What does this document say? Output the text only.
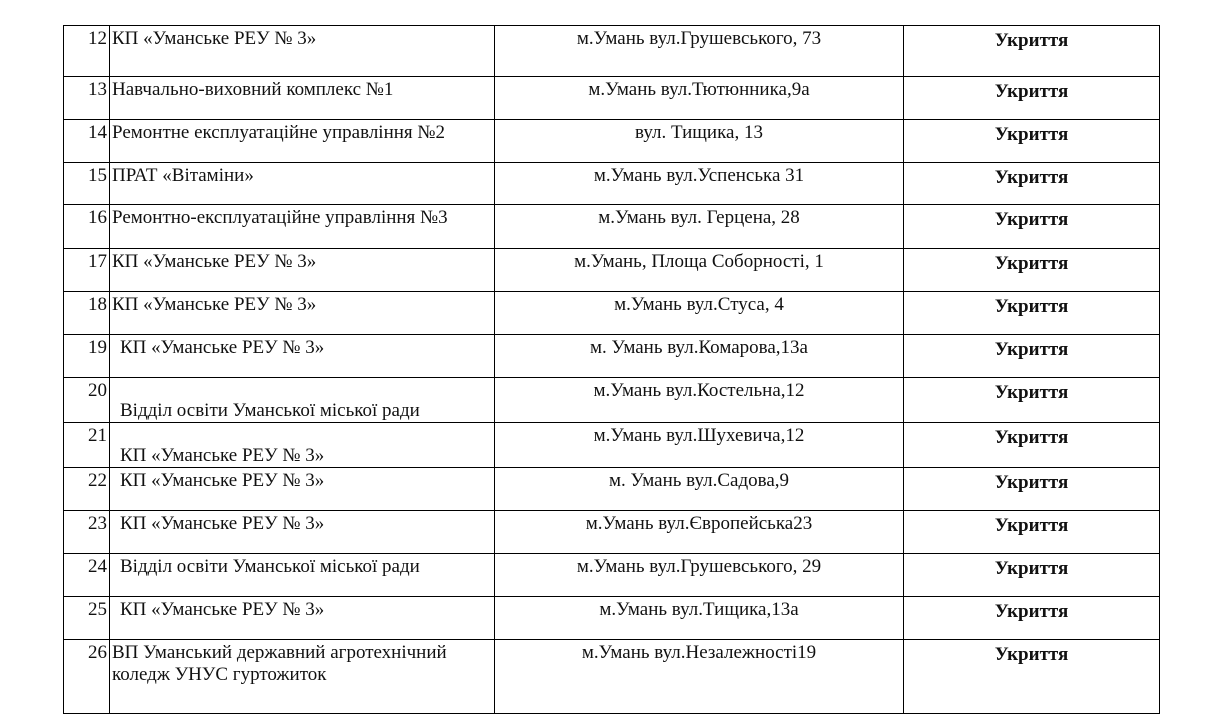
12	КП «Уманське РЕУ № 3»	м.Умань вул.Грушевського, 73	Укриття
13	Навчально-виховний комплекс №1	м.Умань вул.Тютюнника,9а	Укриття
14	Ремонтне експлуатаційне управління №2	вул. Тищика, 13	Укриття
15	ПРАТ «Вітаміни»	м.Умань вул.Успенська 31	Укриття
16	Ремонтно-експлуатаційне управління №3	м.Умань вул. Герцена, 28	Укриття
17	КП «Уманське РЕУ № 3»	м.Умань, Площа Соборності, 1	Укриття
18	КП «Уманське РЕУ № 3»	м.Умань вул.Стуса, 4	Укриття
19	КП «Уманське РЕУ № 3»	м. Умань вул.Комарова,13а	Укриття
20	Відділ освіти Уманської міської ради	м.Умань вул.Костельна,12	Укриття
21	КП «Уманське РЕУ № 3»	м.Умань вул.Шухевича,12	Укриття
22	КП «Уманське РЕУ № 3»	м. Умань вул.Садова,9	Укриття
23	КП «Уманське РЕУ № 3»	м.Умань вул.Європейська23	Укриття
24	Відділ освіти Уманської міської ради	м.Умань вул.Грушевського, 29	Укриття
25	КП «Уманське РЕУ № 3»	м.Умань вул.Тищика,13а	Укриття
26	ВП Уманський державний агротехнічний коледж УНУС гуртожиток	м.Умань вул.Незалежності19	Укриття
